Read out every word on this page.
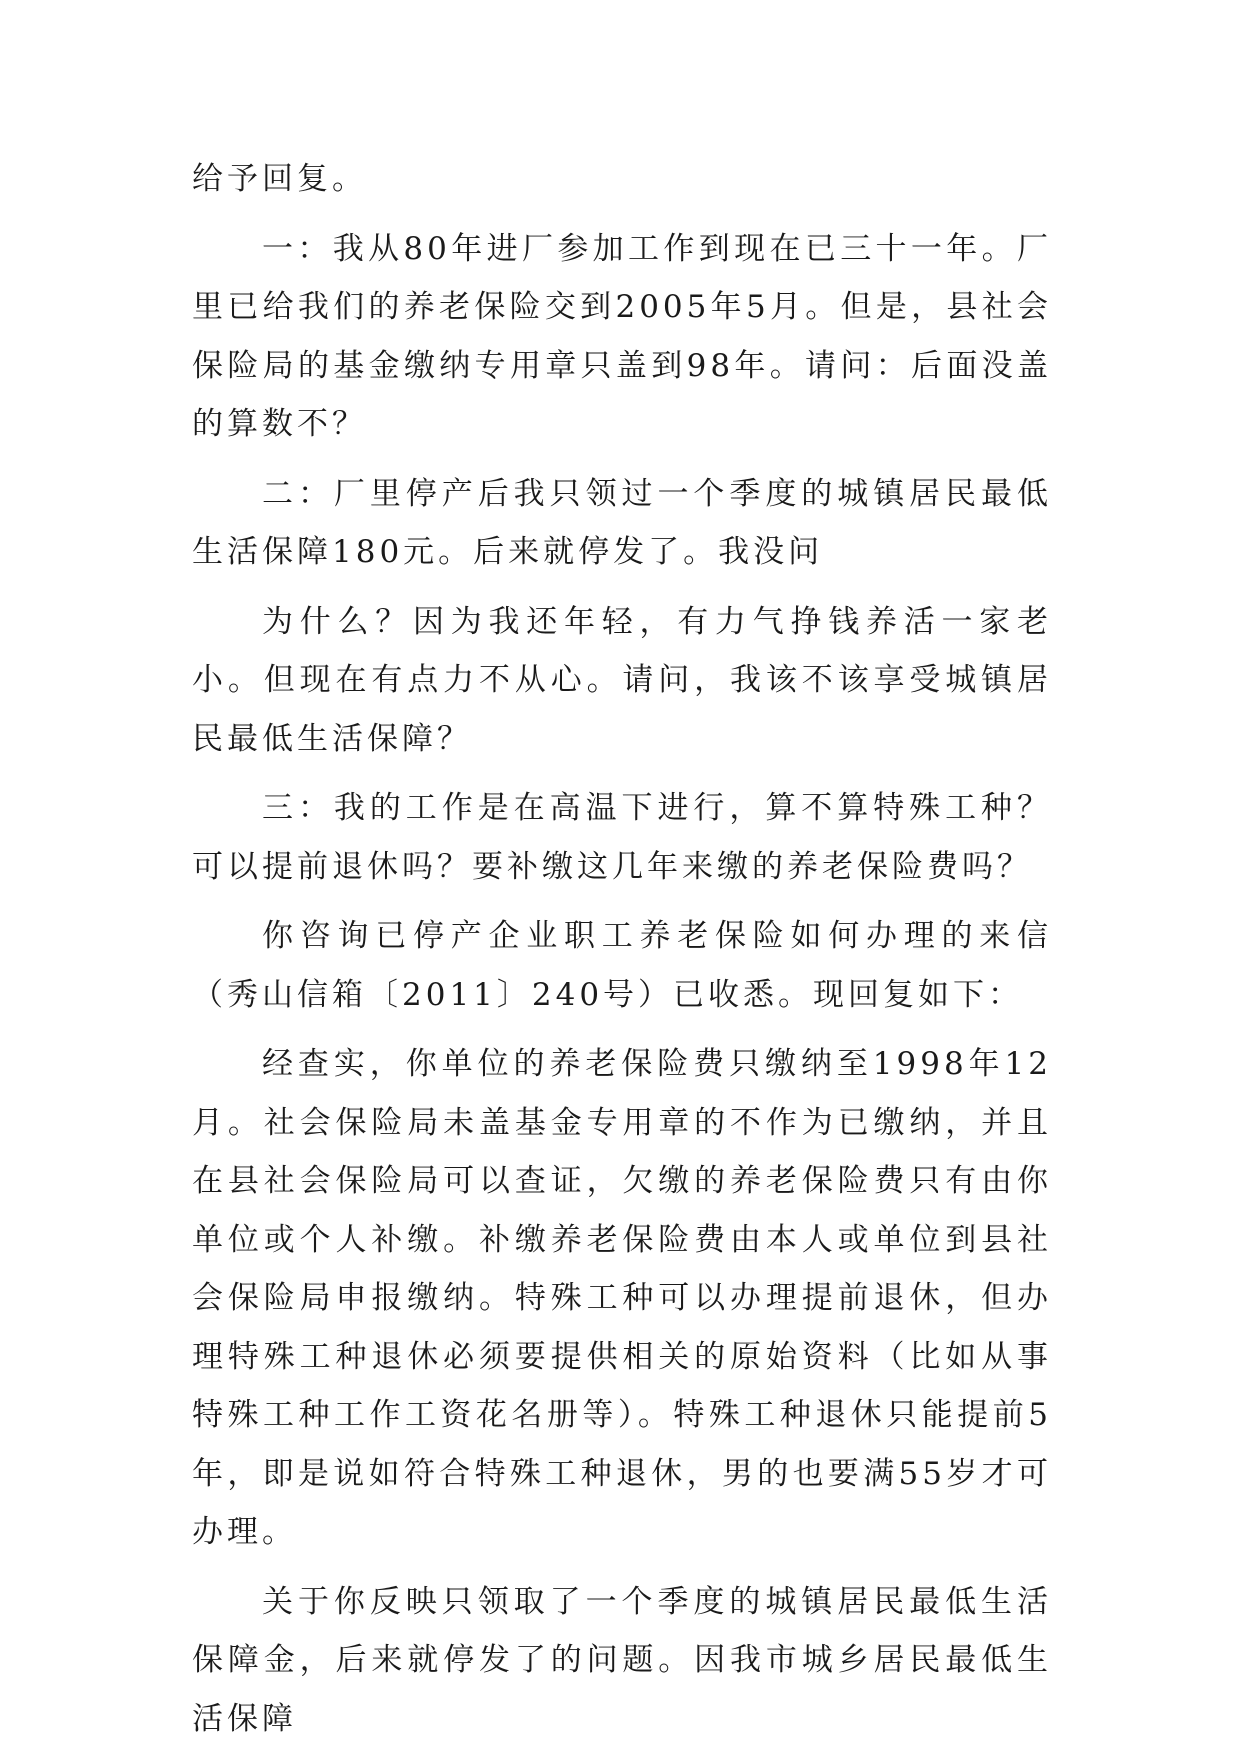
给予回复。

一：我从80年进厂参加工作到现在已三十一年。厂里已给我们的养老保险交到2005年5月。但是，县社会保险局的基金缴纳专用章只盖到98年。请问：后面没盖的算数不？

二：厂里停产后我只领过一个季度的城镇居民最低生活保障180元。后来就停发了。我没问

为什么？因为我还年轻，有力气挣钱养活一家老小。但现在有点力不从心。请问，我该不该享受城镇居民最低生活保障？

三：我的工作是在高温下进行，算不算特殊工种？可以提前退休吗？要补缴这几年来缴的养老保险费吗？

你咨询已停产企业职工养老保险如何办理的来信（秀山信箱〔2011〕240号）已收悉。现回复如下：

经查实，你单位的养老保险费只缴纳至1998年12月。社会保险局未盖基金专用章的不作为已缴纳，并且在县社会保险局可以查证，欠缴的养老保险费只有由你单位或个人补缴。补缴养老保险费由本人或单位到县社会保险局申报缴纳。特殊工种可以办理提前退休，但办理特殊工种退休必须要提供相关的原始资料（比如从事特殊工种工作工资花名册等）。特殊工种退休只能提前5年，即是说如符合特殊工种退休，男的也要满55岁才可办理。

关于你反映只领取了一个季度的城镇居民最低生活保障金，后来就停发了的问题。因我市城乡居民最低生活保障
